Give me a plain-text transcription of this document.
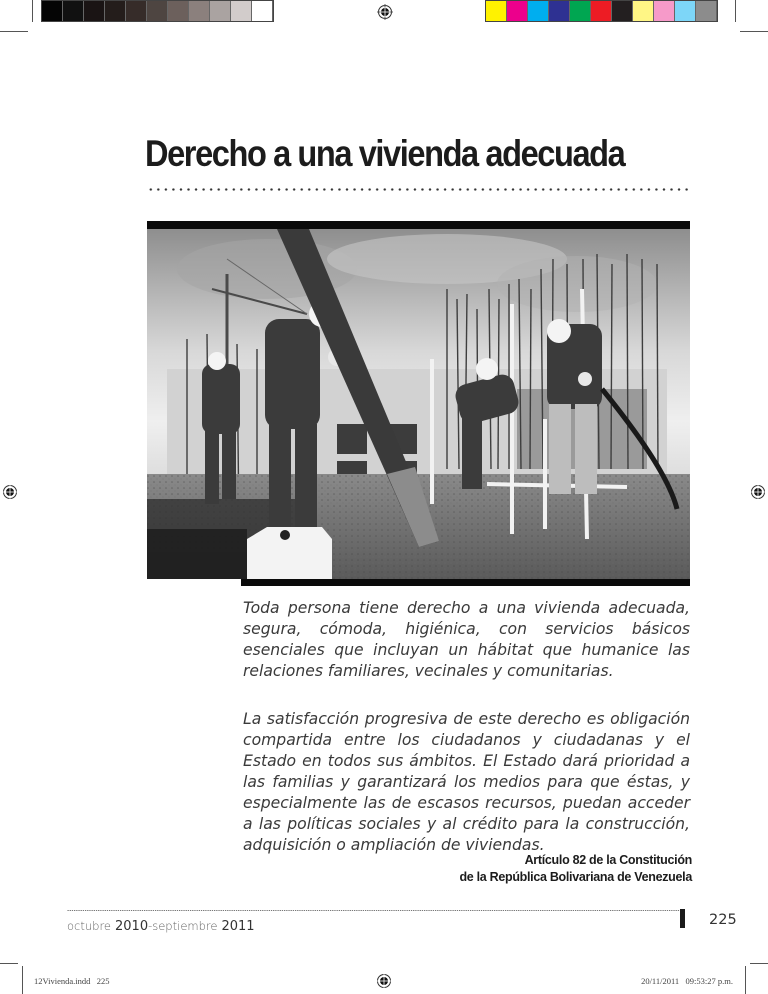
Derecho a una vivienda adecuada

Toda persona tiene derecho a una vivienda adecuada, segura, cómoda, higiénica, con servicios básicos esenciales que incluyan un hábitat que humanice las relaciones familiares, vecinales y comunitarias.

La satisfacción progresiva de este derecho es obligación compartida entre los ciudadanos y ciudadanas y el Estado en todos sus ámbitos. El Estado dará prioridad a las familias y garantizará los medios para que éstas, y especialmente las de escasos recursos, puedan acceder a las políticas sociales y al crédito para la construcción, adquisición o ampliación de viviendas.

Artículo 82 de la Constitución
de la República Bolivariana de Venezuela
octubre 2010-septiembre 2011	225
12Vivienda.indd   225	20/11/2011   09:53:27 p.m.
